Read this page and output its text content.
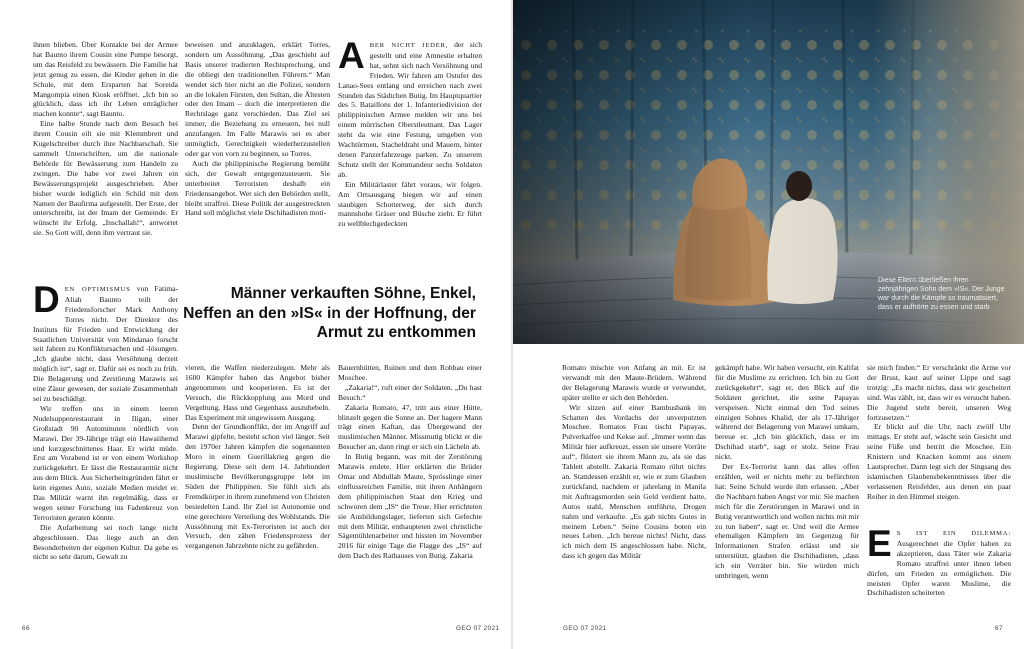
ihnen blieben. Über Kontakte bei der Armee hat Baunto ihrem Cousin eine Pumpe besorgt, um das Reisfeld zu bewässern. Die Familie hat jetzt genug zu essen, die Kinder gehen in die Schule, mit dem Ersparten hat Soreida Mangompia einen Kiosk eröffnet. „Ich bin so glücklich, dass ich ihr Leben erträglicher machen konnte“, sagt Baunto.

Eine halbe Stunde nach dem Besuch bei ihrem Cousin eilt sie mit Klemmbrett und Kugelschreiber durch ihre Nachbarschaft. Sie sammelt Unterschriften, um die nationale Behörde für Bewässerung zum Handeln zu zwingen. Die habe vor zwei Jahren ein Bewässerungsprojekt ausgeschrieben. Aber bisher wurde lediglich ein Schild mit dem Namen der Baufirma aufgestellt. Der Erste, der unterschreibt, ist der Imam der Gemeinde. Er wünscht ihr Erfolg. „Inschallah!“, antwortet sie. So Gott will, denn ihm vertraut sie.

DEN OPTIMISMUS von Fatima-Aliah Baunto teilt der Friedensforscher Mark Anthony Torres nicht. Der Direktor des Instituts für Frieden und Entwicklung der Staatlichen Universität von Mindanao forscht seit Jahren zu Konfliktursachen und -lösungen. „Ich glaube nicht, dass Versöhnung derzeit möglich ist“, sagt er. Dafür sei es noch zu früh. Die Belagerung und Zerstörung Marawis sei eine Zäsur gewesen, der soziale Zusammenhalt sei zu beschädigt.

Wir treffen uns in einem leeren Nudelsuppenrestaurant in Iligan, einer Großstadt 90 Autominuten nördlich von Marawi. Der 39-Jährige trägt ein Hawaiihemd und kurzgeschnittenes Haar. Er wirkt müde. Erst am Vorabend ist er von einem Workshop zurückgekehrt. Er lässt die Restauranttür nicht aus dem Blick. Aus Sicherheitsgründen fährt er kein eigenes Auto, soziale Medien meidet er. Das Militär warnt ihn regelmäßig, dass er wegen seiner Forschung ins Fadenkreuz von Terroristen geraten könnte.

Die Aufarbeitung sei noch lange nicht abgeschlossen. Das liege auch an den Besonderheiten der eigenen Kultur. Da gehe es nicht so sehr darum, Gewalt zu

beweisen und anzuklagen, erklärt Torres, sondern um Aussöhnung. „Das geschieht auf Basis unserer tradierten Rechtsprechung, und die obliegt den traditionellen Führern.“ Man wendet sich hier nicht an die Polizei, sondern an die lokalen Fürsten, den Sultan, die Ältesten oder den Imam – doch die interpretieren die Rechtslage ganz verschieden. Das Ziel sei immer, die Beziehung zu erneuern, bei null anzufangen. Im Falle Marawis sei es aber unmöglich, Gerechtigkeit wiederherzustellen oder gar von vorn zu beginnen, so Torres.

Auch die philippinische Regierung bemüht sich, der Gewalt entgegenzusteuern. Sie unterbreitet Terroristen deshalb ein Friedensangebot. Wer sich den Behörden stellt, bleibt straffrei. Diese Politik der ausgestreckten Hand soll möglichst viele Dschihadisten moti-

vieren, die Waffen niederzulegen. Mehr als 1600 Kämpfer haben das Angebot bisher angenommen und kooperieren. Es ist der Versuch, die Rückkopplung aus Mord und Vergeltung, Hass und Gegenhass auszuhebeln. Das Experiment mit ungewissem Ausgang.

Denn der Grundkonflikt, der im Angriff auf Marawi gipfelte, besteht schon viel länger. Seit den 1970er Jahren kämpfen die sogenannten Moro in einem Guerillakrieg gegen die Regierung. Diese seit dem 14. Jahrhundert muslimische Bevölkerungsgruppe lebt im Süden der Philippinen. Sie fühlt sich als Fremdkörper in ihrem zunehmend von Christen besiedelten Land. Ihr Ziel ist Autonomie und eine gerechtere Verteilung des Wohlstands. Die Aussöhnung mit Ex-Terroristen ist auch der Versuch, den zähen Friedensprozess der vergangenen Jahrzehnte nicht zu gefährden.

ABER NICHT JEDER, der sich gestellt und eine Amnestie erhalten hat, sehnt sich nach Versöhnung und Frieden. Wir fahren am Ostufer des Lanao-Sees entlang und erreichen nach zwei Stunden das Städtchen Butig. Im Hauptquartier des 5. Bataillons der 1. Infanteriedivision der philippinischen Armee melden wir uns bei einem mürrischen Oberstleutnant. Das Lager steht da wie eine Festung, umgeben von Wachtürmen, Stacheldraht und Mauern, hinter denen Panzerfahrzeuge parken. Zu unserem Schutz stellt der Kommandeur sechs Soldaten ab.

Ein Militärlaster fährt voraus, wir folgen. Am Ortsausgang biegen wir auf einen staubigen Schotterweg, der sich durch mannshohe Gräser und Büsche zieht. Er führt zu wellblechgedeckten

Bauernhütten, Ruinen und dem Rohbau einer Moschee.

„Zakaria!“, ruft einer der Soldaten. „Du hast Besuch.“

Zakaria Romato, 47, tritt aus einer Hütte, blinzelt gegen die Sonne an. Der hagere Mann trägt einen Kaftan, das Übergewand der muslimischen Männer. Missmutig blickt er die Besucher an, dann ringt er sich ein Lächeln ab.

In Butig begann, was mit der Zerstörung Marawis endete. Hier erklärten die Brüder Omar und Abdullah Maute, Sprösslinge einer einflussreichen Familie, mit ihren Anhängern dem philippinischen Staat den Krieg und schworen dem „IS“ die Treue. Hier errichteten sie Ausbildungslager, lieferten sich Gefechte mit dem Militär, enthaupteten zwei christliche Sägemühlenarbeiter und hissten im November 2016 für einige Tage die Flagge des „IS“ auf dem Dach des Rathauses von Butig. Zakaria

Männer verkauften Söhne, Enkel, Neffen an den »IS« in der Hoffnung, der Armut zu entkommen
66	GEO 07 2021
Diese Eltern überließen ihren zehnjährigen Sohn dem »IS«. Der Junge war durch die Kämpfe so traumatisiert, dass er aufhörte zu essen und starb

Romato mischte von Anfang an mit. Er ist verwandt mit den Maute-Brüdern. Während der Belagerung Marawis wurde er verwundet, später stellte er sich den Behörden.

Wir sitzen auf einer Bambusbank im Schatten des Vordachs der unverputzten Moschee. Romatos Frau tischt Papayas, Pulverkaffee und Kekse auf. „Immer wenn das Militär hier aufkreuzt, essen sie unsere Vorräte auf“, flüstert sie ihrem Mann zu, als sie das Tablett abstellt. Zakaria Romato rührt nichts an. Stattdessen erzählt er, wie er zum Glauben zurückfand, nachdem er jahrelang in Manila mit Auftragsmorden sein Geld verdient hatte, Autos stahl, Menschen entführte, Drogen nahm und verkaufte. „Es gab nichts Gutes in meinem Leben.“ Seine Cousins boten ein neues Leben. „Ich bereue nichts! Nicht, dass ich mich dem IS angeschlossen habe. Nicht, dass ich gegen das Militär

gekämpft habe. Wir haben versucht, ein Kalifat für die Muslime zu errichten. Ich bin zu Gott zurückgekehrt“, sagt er, den Blick auf die Soldaten gerichtet, die seine Papayas verspeisen. Nicht einmal den Tod seines einzigen Sohnes Khalid, der als 17-Jähriger während der Belagerung von Marawi umkam, bereue er. „Ich bin glücklich, dass er im Dschihad starb“, sagt er stolz. Seine Frau nickt.

Der Ex-Terrorist kann das alles offen erzählen, weil er nichts mehr zu befürchten hat: Seine Schuld wurde ihm erlassen. „Aber die Nachbarn haben Angst vor mir. Sie machen mich für die Zerstörungen in Marawi und in Butig verantwortlich und wollen nichts mit mir zu tun haben“, sagt er. Und weil die Armee ehemaligen Kämpfern im Gegenzug für Informationen Strafen erlässt und sie unterstützt, glauben die Dschihadisten, „dass ich ein Verräter bin. Sie würden mich umbringen, wenn

sie mich finden.“ Er verschränkt die Arme vor der Brust, kaut auf seiner Lippe und sagt trotzig: „Es macht nichts, dass wir gescheitert sind. Was zählt, ist, dass wir es versucht haben. Die Jugend steht bereit, unseren Weg fortzusetzen.“

Er blickt auf die Uhr, nach zwölf Uhr mittags. Er steht auf, wäscht sein Gesicht und seine Füße und betritt die Moschee. Ein Knistern und Knacken kommt aus einem Lautsprecher. Dann legt sich der Singsang des islamischen Glaubensbekenntnisses über die verlassenen Reisfelder, aus denen ein paar Reiher in den Himmel steigen.

ES IST EIN DILEMMA: Ausgerechnet die Opfer haben zu akzeptieren, dass Täter wie Zakaria Romato straffrei unter ihnen leben dürfen, um Frieden zu ermöglichen. Die meisten Opfer waren Muslime, die Dschihadisten scheiterten

GEO 07 2021	67
